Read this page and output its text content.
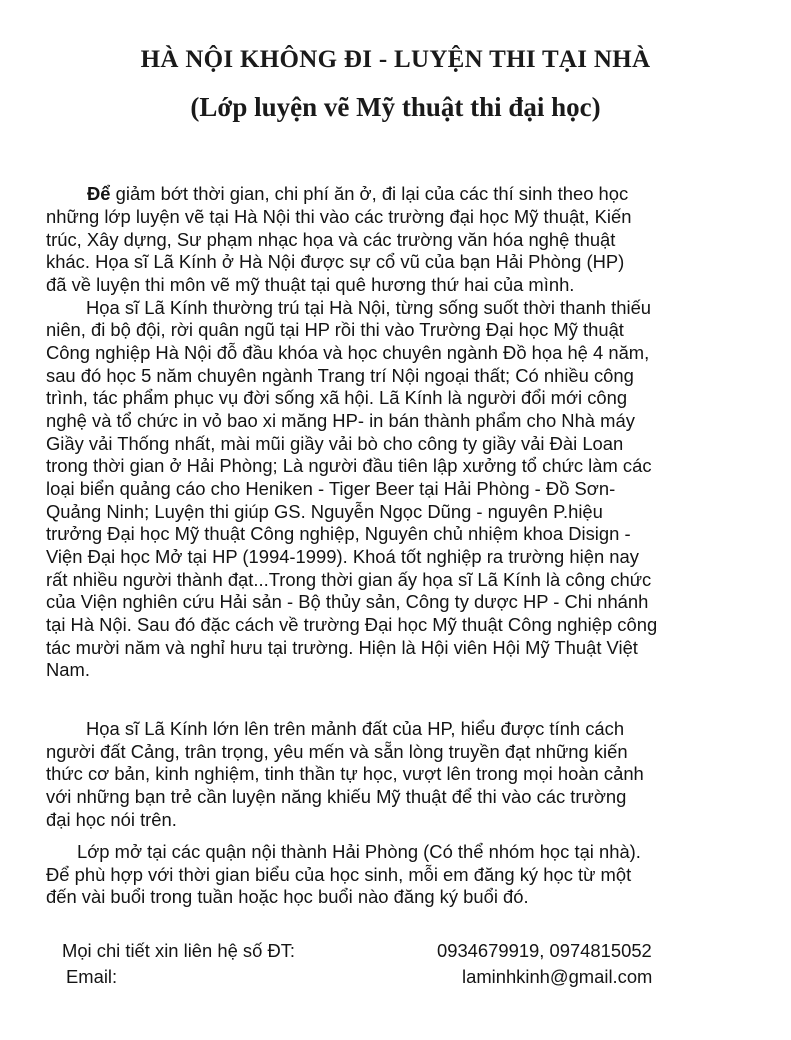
HÀ NỘI KHÔNG ĐI - LUYỆN THI TẠI NHÀ
(Lớp luyện vẽ Mỹ thuật thi đại học)
Để giảm bớt thời gian, chi phí ăn ở, đi lại của các thí sinh theo học
những lớp luyện vẽ tại Hà Nội thi vào các trường đại học Mỹ thuật, Kiến
trúc, Xây dựng, Sư phạm nhạc họa và các trường văn hóa nghệ thuật
khác. Họa sĩ Lã Kính ở Hà Nội được sự cổ vũ của bạn Hải Phòng (HP)
đã về luyện thi môn vẽ mỹ thuật tại quê hương thứ hai của mình.
Họa sĩ Lã Kính thường trú tại Hà Nội, từng sống suốt thời thanh thiếu
niên, đi bộ đội, rời quân ngũ tại HP rồi thi vào Trường Đại học Mỹ thuật
Công nghiệp Hà Nội đỗ đầu khóa và học chuyên ngành Đồ họa hệ 4 năm,
sau đó học 5 năm chuyên ngành Trang trí Nội ngoại thất; Có nhiều công
trình, tác phẩm phục vụ đời sống xã hội. Lã Kính là người đổi mới công
nghệ và tổ chức in vỏ bao xi măng HP- in bán thành phẩm cho Nhà máy
Giầy vải Thống nhất, mài mũi giầy vải bò cho công ty giầy vải Đài Loan
trong thời gian ở Hải Phòng; Là người đầu tiên lập xưởng tổ chức làm các
loại biển quảng cáo cho Heniken - Tiger Beer tại Hải Phòng - Đồ Sơn-
Quảng Ninh; Luyện thi giúp GS. Nguyễn Ngọc Dũng - nguyên P.hiệu
trưởng Đại học Mỹ thuật Công nghiệp, Nguyên chủ nhiệm khoa Disign -
Viện Đại học Mở tại HP (1994-1999). Khoá tốt nghiệp ra trường hiện nay
rất nhiều người thành đạt...Trong thời gian ấy họa sĩ Lã Kính là công chức
của Viện nghiên cứu Hải sản - Bộ thủy sản, Công ty dược HP - Chi nhánh
tại Hà Nội. Sau đó đặc cách về trường Đại học Mỹ thuật Công nghiệp công
tác mười năm và nghỉ hưu tại trường. Hiện là Hội viên Hội Mỹ Thuật Việt
Nam.
Họa sĩ Lã Kính lớn lên trên mảnh đất của HP, hiểu được tính cách
người đất Cảng, trân trọng, yêu mến và sẵn lòng truyền đạt những kiến
thức cơ bản, kinh nghiệm, tinh thần tự học, vượt lên trong mọi hoàn cảnh
với những bạn trẻ cần luyện năng khiếu Mỹ thuật để thi vào các trường
đại học nói trên.
Lớp mở tại các quận nội thành Hải Phòng (Có thể nhóm học tại nhà).
Để phù hợp với thời gian biểu của học sinh, mỗi em đăng ký học từ một
đến vài buổi trong tuần hoặc học buổi nào đăng ký buổi đó.
Mọi chi tiết xin liên hệ số ĐT:	0934679919, 0974815052
Email:	laminhkinh@gmail.com
